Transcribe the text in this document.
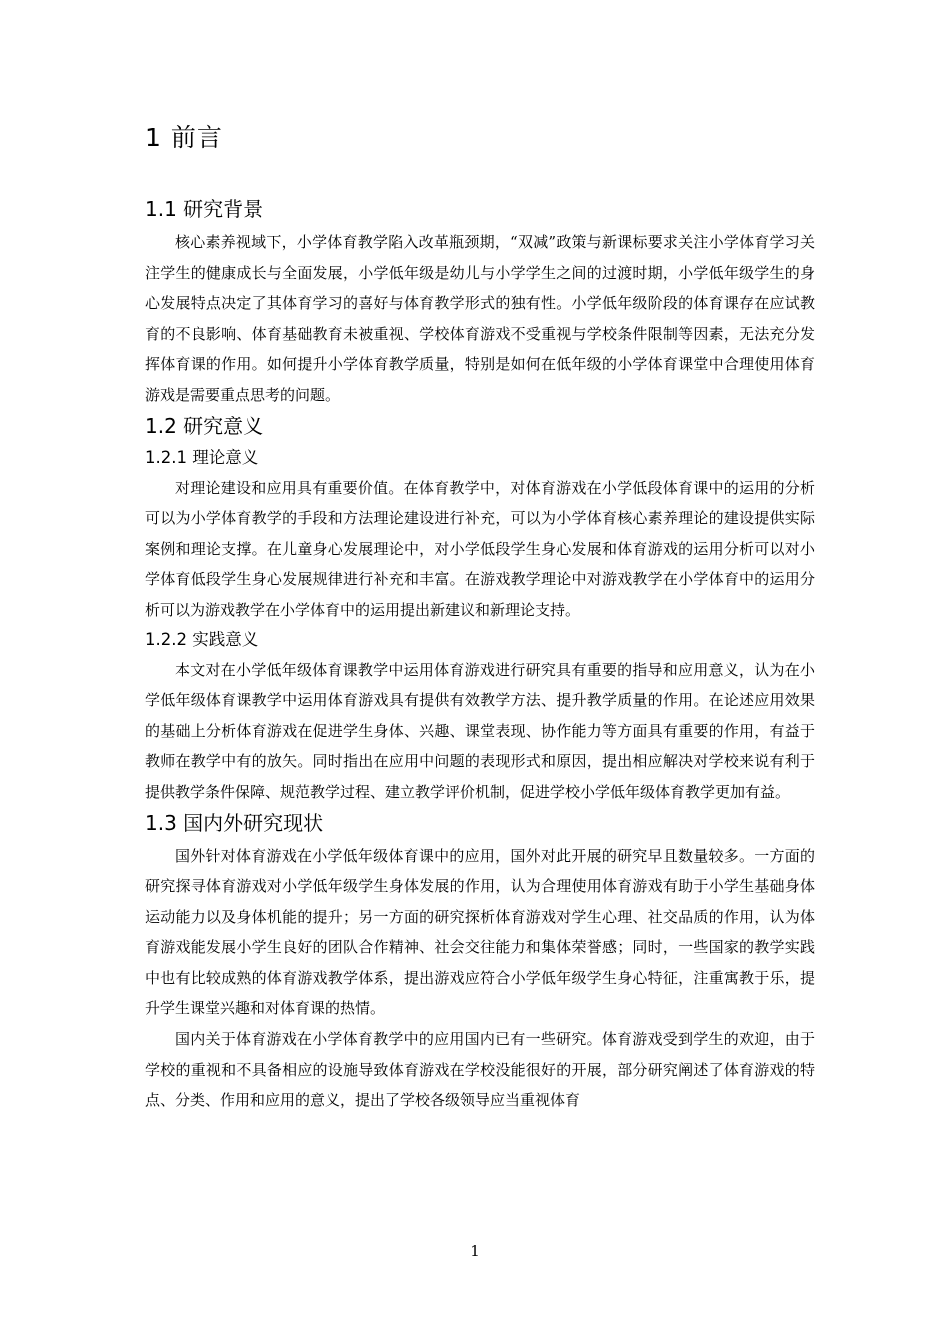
1 前言
1.1 研究背景

核心素养视域下，小学体育教学陷入改革瓶颈期，“双减”政策与新课标要求关注小学体育学习关注学生的健康成长与全面发展，小学低年级是幼儿与小学学生之间的过渡时期，小学低年级学生的身心发展特点决定了其体育学习的喜好与体育教学形式的独有性。小学低年级阶段的体育课存在应试教育的不良影响、体育基础教育未被重视、学校体育游戏不受重视与学校条件限制等因素，无法充分发挥体育课的作用。如何提升小学体育教学质量，特别是如何在低年级的小学体育课堂中合理使用体育游戏是需要重点思考的问题。

1.2 研究意义
1.2.1 理论意义

对理论建设和应用具有重要价值。在体育教学中，对体育游戏在小学低段体育课中的运用的分析可以为小学体育教学的手段和方法理论建设进行补充，可以为小学体育核心素养理论的建设提供实际案例和理论支撑。在儿童身心发展理论中，对小学低段学生身心发展和体育游戏的运用分析可以对小学体育低段学生身心发展规律进行补充和丰富。在游戏教学理论中对游戏教学在小学体育中的运用分析可以为游戏教学在小学体育中的运用提出新建议和新理论支持。

1.2.2 实践意义

本文对在小学低年级体育课教学中运用体育游戏进行研究具有重要的指导和应用意义，认为在小学低年级体育课教学中运用体育游戏具有提供有效教学方法、提升教学质量的作用。在论述应用效果的基础上分析体育游戏在促进学生身体、兴趣、课堂表现、协作能力等方面具有重要的作用，有益于教师在教学中有的放矢。同时指出在应用中问题的表现形式和原因，提出相应解决对学校来说有利于提供教学条件保障、规范教学过程、建立教学评价机制，促进学校小学低年级体育教学更加有益。

1.3 国内外研究现状

国外针对体育游戏在小学低年级体育课中的应用，国外对此开展的研究早且数量较多。一方面的研究探寻体育游戏对小学低年级学生身体发展的作用，认为合理使用体育游戏有助于小学生基础身体运动能力以及身体机能的提升；另一方面的研究探析体育游戏对学生心理、社交品质的作用，认为体育游戏能发展小学生良好的团队合作精神、社会交往能力和集体荣誉感；同时，一些国家的教学实践中也有比较成熟的体育游戏教学体系，提出游戏应符合小学低年级学生身心特征，注重寓教于乐，提升学生课堂兴趣和对体育课的热情。

国内关于体育游戏在小学体育教学中的应用国内已有一些研究。体育游戏受到学生的欢迎，由于学校的重视和不具备相应的设施导致体育游戏在学校没能很好的开展，部分研究阐述了体育游戏的特点、分类、作用和应用的意义，提出了学校各级领导应当重视体育

1
